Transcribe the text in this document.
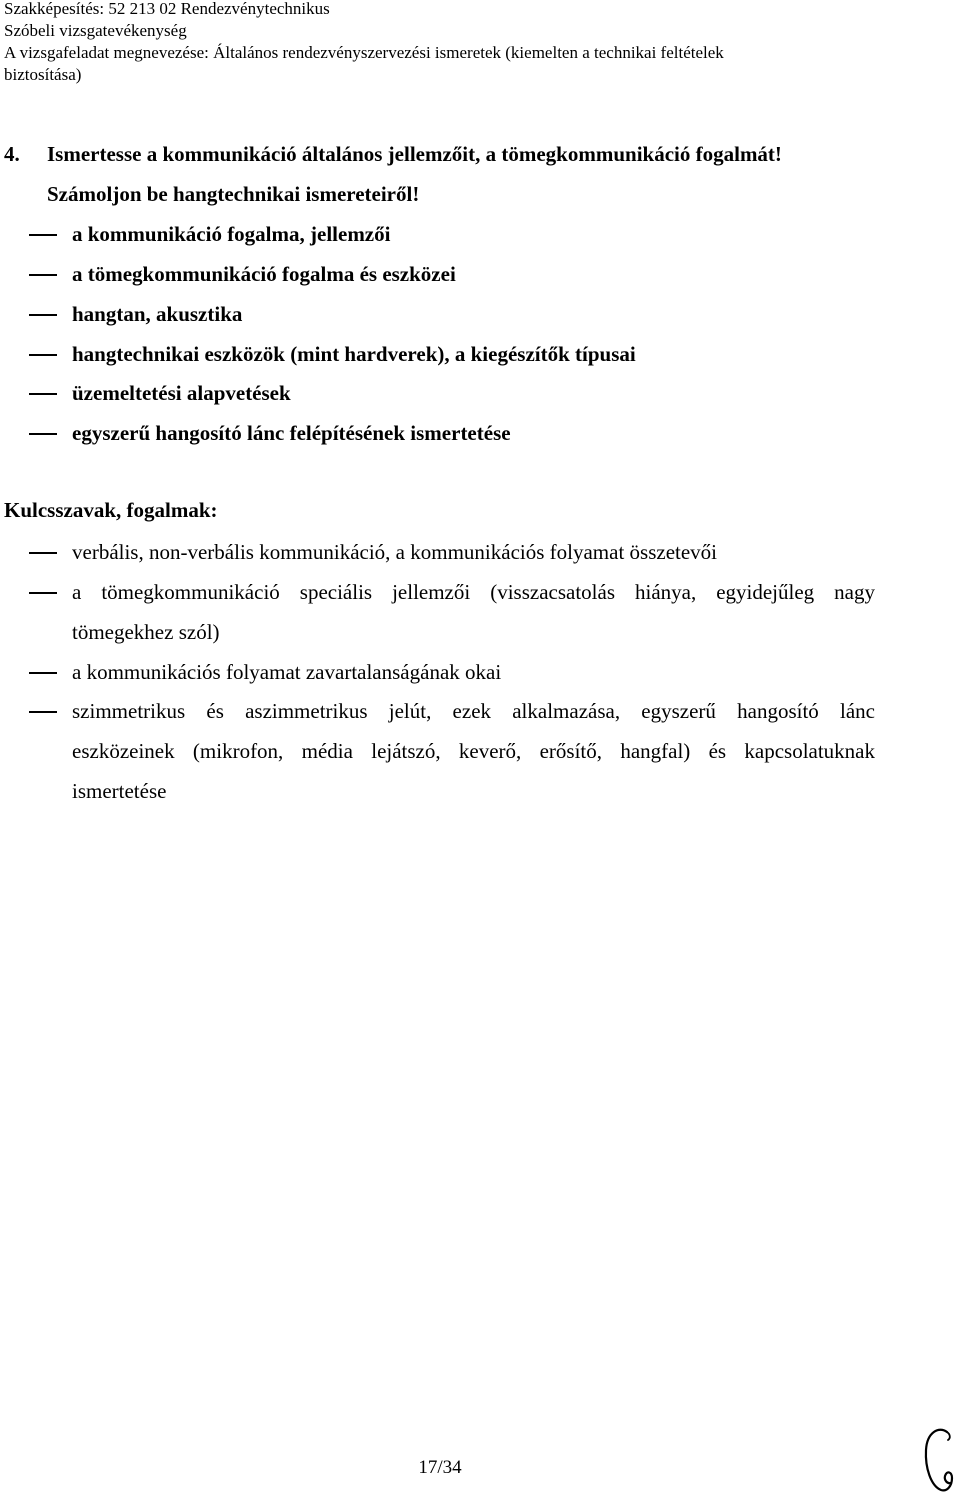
Szakképesítés: 52 213 02 Rendezvénytechnikus
Szóbeli vizsgatevékenység
A vizsgafeladat megnevezése: Általános rendezvényszervezési ismeretek (kiemelten a technikai feltételek
biztosítása)
4. Ismertesse a kommunikáció általános jellemzőit, a tömegkommunikáció fogalmát!
Számoljon be hangtechnikai ismereteiről!
a kommunikáció fogalma, jellemzői
a tömegkommunikáció fogalma és eszközei
hangtan, akusztika
hangtechnikai eszközök (mint hardverek), a kiegészítők típusai
üzemeltetési alapvetések
egyszerű hangosító lánc felépítésének ismertetése
Kulcsszavak, fogalmak:
verbális, non-verbális kommunikáció, a kommunikációs folyamat összetevői
a tömegkommunikáció speciális jellemzői (visszacsatolás hiánya, egyidejűleg nagy
tömegekhez szól)
a kommunikációs folyamat zavartalanságának okai
szimmetrikus és aszimmetrikus jelút, ezek alkalmazása, egyszerű hangosító lánc
eszközeinek (mikrofon, média lejátszó, keverő, erősítő, hangfal) és kapcsolatuknak
ismertetése
17/34
